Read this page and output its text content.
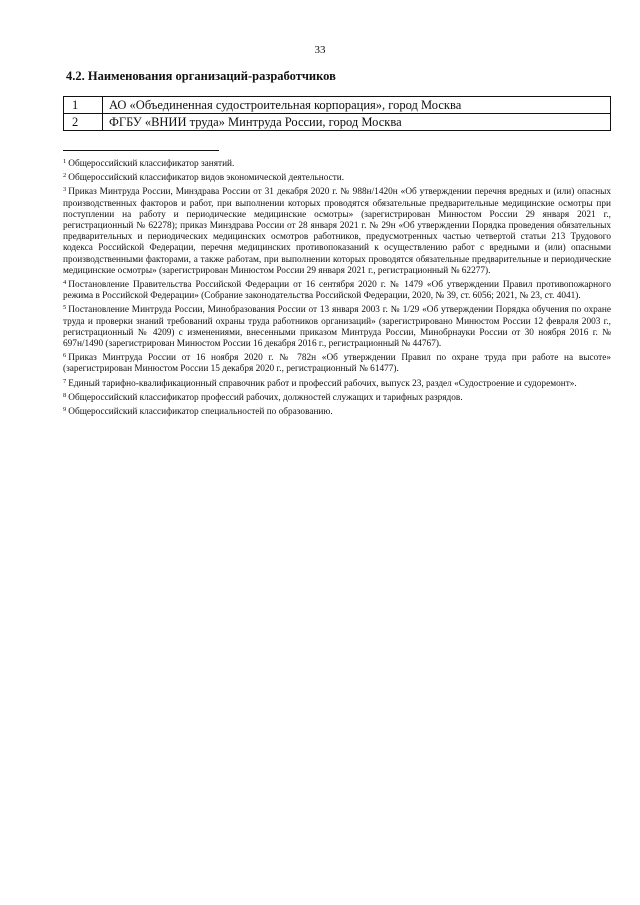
33
4.2. Наименования организаций-разработчиков
1	АО «Объединенная судостроительная корпорация», город Москва
2	ФГБУ «ВНИИ труда» Минтруда России, город Москва

$^1$ Общероссийский классификатор занятий.

$^2$ Общероссийский классификатор видов экономической деятельности.

$^3$ Приказ Минтруда России, Минздрава России от 31 декабря 2020 г. № 988н/1420н «Об утверждении перечня вредных и (или) опасных производственных факторов и работ, при выполнении которых проводятся обязательные предварительные медицинские осмотры при поступлении на работу и периодические медицинские осмотры» (зарегистрирован Минюстом России 29 января 2021 г., регистрационный № 62278); приказ Минздрава России от 28 января 2021 г. № 29н «Об утверждении Порядка проведения обязательных предварительных и периодических медицинских осмотров работников, предусмотренных частью четвертой статьи 213 Трудового кодекса Российской Федерации, перечня медицинских противопоказаний к осуществлению работ с вредными и (или) опасными производственными факторами, а также работам, при выполнении которых проводятся обязательные предварительные и периодические медицинские осмотры» (зарегистрирован Минюстом России 29 января 2021 г., регистрационный № 62277).

$^4$ Постановление Правительства Российской Федерации от 16 сентября 2020 г. № 1479 «Об утверждении Правил противопожарного режима в Российской Федерации» (Собрание законодательства Российской Федерации, 2020, № 39, ст. 6056; 2021, № 23, ст. 4041).

$^5$ Постановление Минтруда России, Минобразования России от 13 января 2003 г. № 1/29 «Об утверждении Порядка обучения по охране труда и проверки знаний требований охраны труда работников организаций» (зарегистрировано Минюстом России 12 февраля 2003 г., регистрационный № 4209) с изменениями, внесенными приказом Минтруда России, Минобрнауки России от 30 ноября 2016 г. № 697н/1490 (зарегистрирован Минюстом России 16 декабря 2016 г., регистрационный № 44767).

$^6$ Приказ Минтруда России от 16 ноября 2020 г. № 782н «Об утверждении Правил по охране труда при работе на высоте» (зарегистрирован Минюстом России 15 декабря 2020 г., регистрационный № 61477).

$^7$ Единый тарифно-квалификационный справочник работ и профессий рабочих, выпуск 23, раздел «Судостроение и судоремонт».

$^8$ Общероссийский классификатор профессий рабочих, должностей служащих и тарифных разрядов.

$^9$ Общероссийский классификатор специальностей по образованию.
